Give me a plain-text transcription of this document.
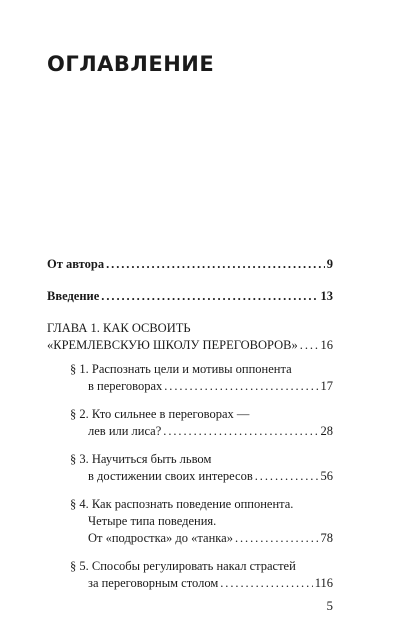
ОГЛАВЛЕНИЕ
От автора . . .	9
Введение . . .	13
ГЛАВА 1. КАК ОСВОИТЬ
«КРЕМЛЕВСКУЮ ШКОЛУ ПЕРЕГОВОРОВ» . . . 16
§ 1. Распознать цели и мотивы оппонента
в переговорах . . .	17
§ 2. Кто сильнее в переговорах —
лев или лиса? . . .	28
§ 3. Научиться быть львом
в достижении своих интересов . . .	56
§ 4. Как распознать поведение оппонента.
Четыре типа поведения.
От «подростка» до «танка» . . .	78
§ 5. Способы регулировать накал страстей
за переговорным столом . . .	116
5
